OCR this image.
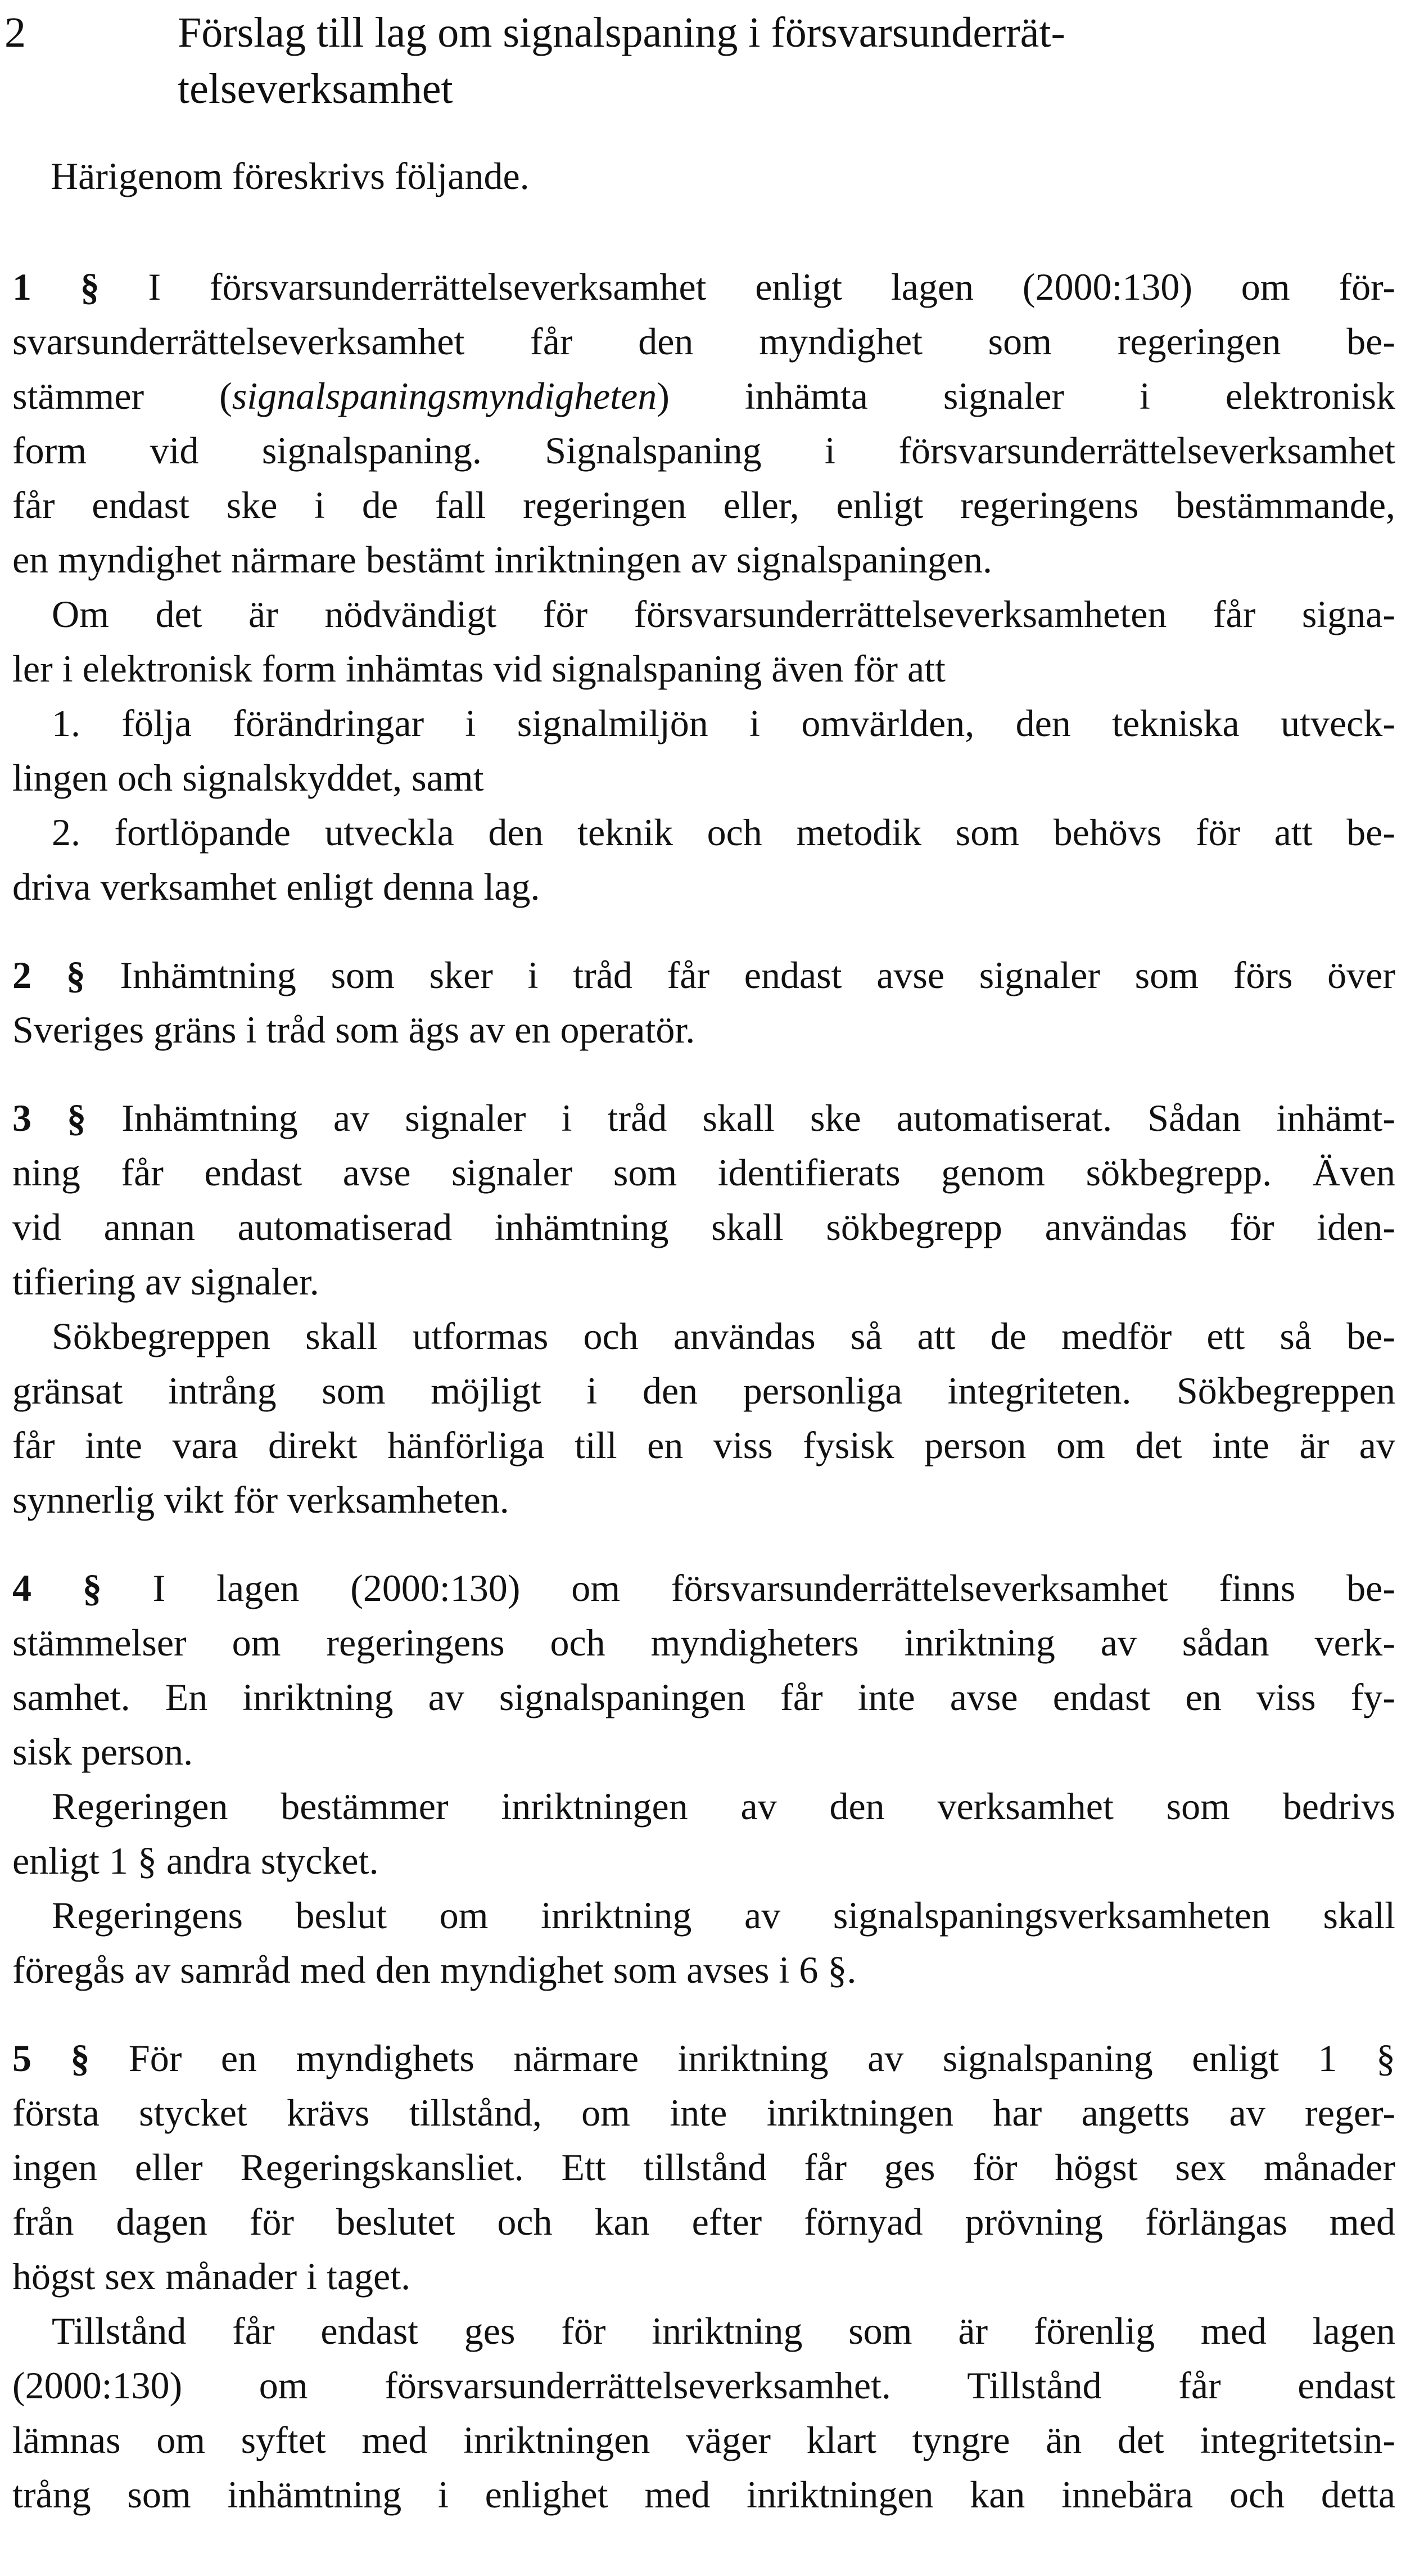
2	Förslag till lag om signalspaning i försvarsunderrät-
telseverksamhet
Härigenom föreskrivs följande.
1 § I försvarsunderrättelseverksamhet enligt lagen (2000:130) om för-
svarsunderrättelseverksamhet får den myndighet som regeringen be-
stämmer (signalspaningsmyndigheten) inhämta signaler i elektronisk
form vid signalspaning. Signalspaning i försvarsunderrättelseverksamhet
får endast ske i de fall regeringen eller, enligt regeringens bestämmande,
en myndighet närmare bestämt inriktningen av signalspaningen.
Om det är nödvändigt för försvarsunderrättelseverksamheten får signa-
ler i elektronisk form inhämtas vid signalspaning även för att
1. följa förändringar i signalmiljön i omvärlden, den tekniska utveck-
lingen och signalskyddet, samt
2. fortlöpande utveckla den teknik och metodik som behövs för att be-
driva verksamhet enligt denna lag.
2 § Inhämtning som sker i tråd får endast avse signaler som förs över
Sveriges gräns i tråd som ägs av en operatör.
3 § Inhämtning av signaler i tråd skall ske automatiserat. Sådan inhämt-
ning får endast avse signaler som identifierats genom sökbegrepp. Även
vid annan automatiserad inhämtning skall sökbegrepp användas för iden-
tifiering av signaler.
Sökbegreppen skall utformas och användas så att de medför ett så be-
gränsat intrång som möjligt i den personliga integriteten. Sökbegreppen
får inte vara direkt hänförliga till en viss fysisk person om det inte är av
synnerlig vikt för verksamheten.
4 § I lagen (2000:130) om försvarsunderrättelseverksamhet finns be-
stämmelser om regeringens och myndigheters inriktning av sådan verk-
samhet. En inriktning av signalspaningen får inte avse endast en viss fy-
sisk person.
Regeringen bestämmer inriktningen av den verksamhet som bedrivs
enligt 1 § andra stycket.
Regeringens beslut om inriktning av signalspaningsverksamheten skall
föregås av samråd med den myndighet som avses i 6 §.
5 § För en myndighets närmare inriktning av signalspaning enligt 1 §
första stycket krävs tillstånd, om inte inriktningen har angetts av reger-
ingen eller Regeringskansliet. Ett tillstånd får ges för högst sex månader
från dagen för beslutet och kan efter förnyad prövning förlängas med
högst sex månader i taget.
Tillstånd får endast ges för inriktning som är förenlig med lagen
(2000:130) om försvarsunderrättelseverksamhet. Tillstånd får endast
lämnas om syftet med inriktningen väger klart tyngre än det integritetsin-
trång som inhämtning i enlighet med inriktningen kan innebära och detta
